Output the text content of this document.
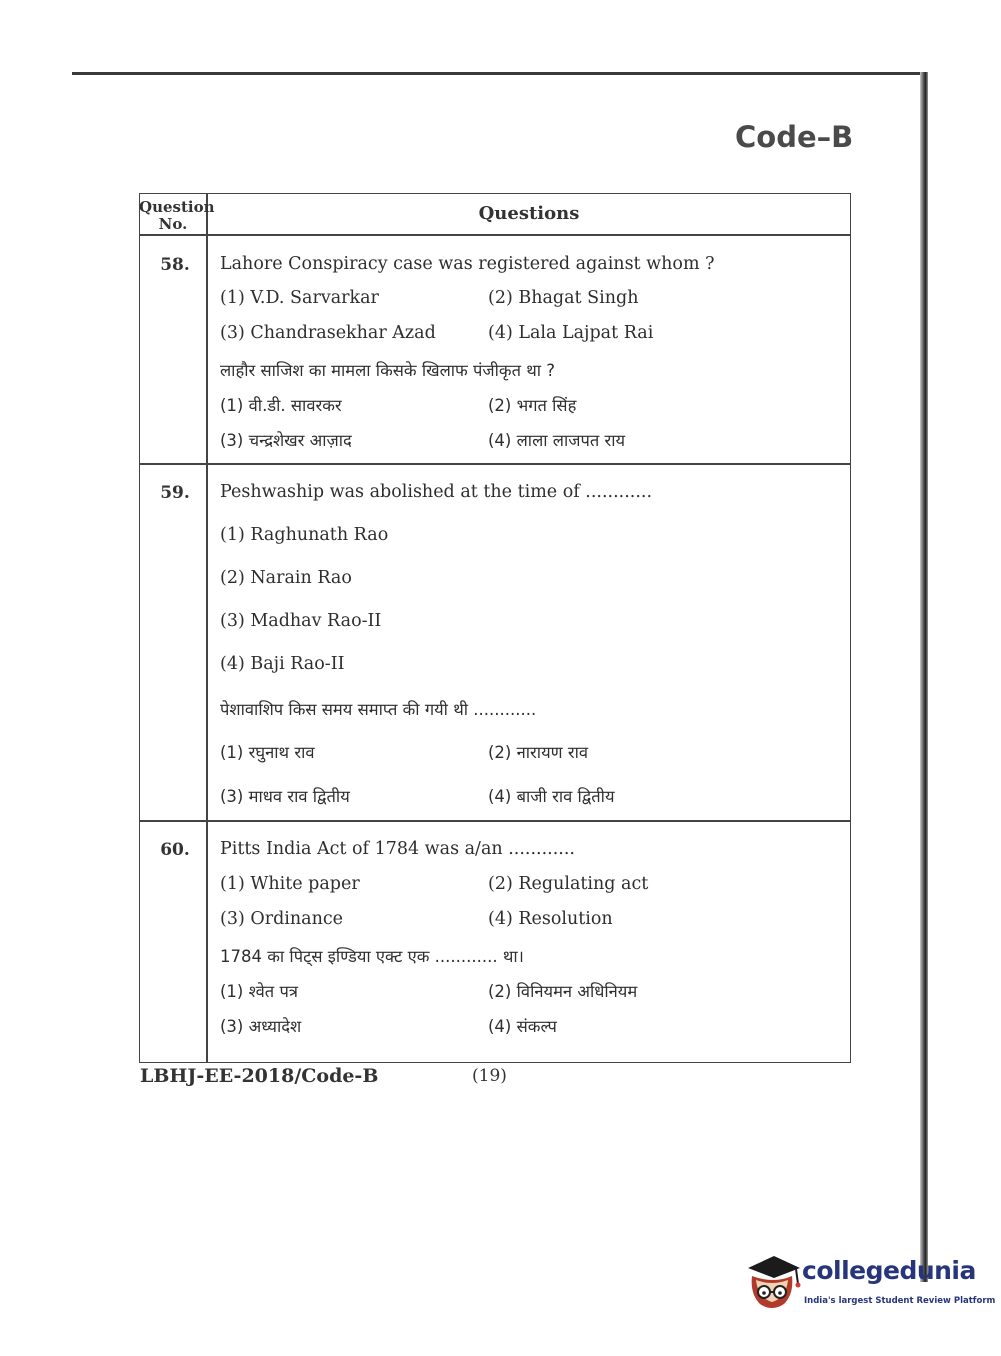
Code–B
Question
No.	Questions
58.	Lahore Conspiracy case was registered against whom ?
(1) V.D. Sarvarkar	(2) Bhagat Singh
(3) Chandrasekhar Azad	(4) Lala Lajpat Rai
लाहौर साजिश का मामला किसके खिलाफ पंजीकृत था ?
(1) वी.डी. सावरकर	(2) भगत सिंह
(3) चन्द्रशेखर आज़ाद	(4) लाला लाजपत राय
59.	Peshwaship was abolished at the time of ............
(1) Raghunath Rao
(2) Narain Rao
(3) Madhav Rao-II
(4) Baji Rao-II
पेशावाशिप किस समय समाप्त की गयी थी ............
(1) रघुनाथ राव	(2) नारायण राव
(3) माधव राव द्वितीय	(4) बाजी राव द्वितीय
60.	Pitts India Act of 1784 was a/an ............
(1) White paper	(2) Regulating act
(3) Ordinance	(4) Resolution
1784 का पिट्स इण्डिया एक्ट एक ............ था।
(1) श्वेत पत्र	(2) विनियमन अधिनियम
(3) अध्यादेश	(4) संकल्प
LBHJ-EE-2018/Code-B	(19)
collegedunia
India's largest Student Review Platform
